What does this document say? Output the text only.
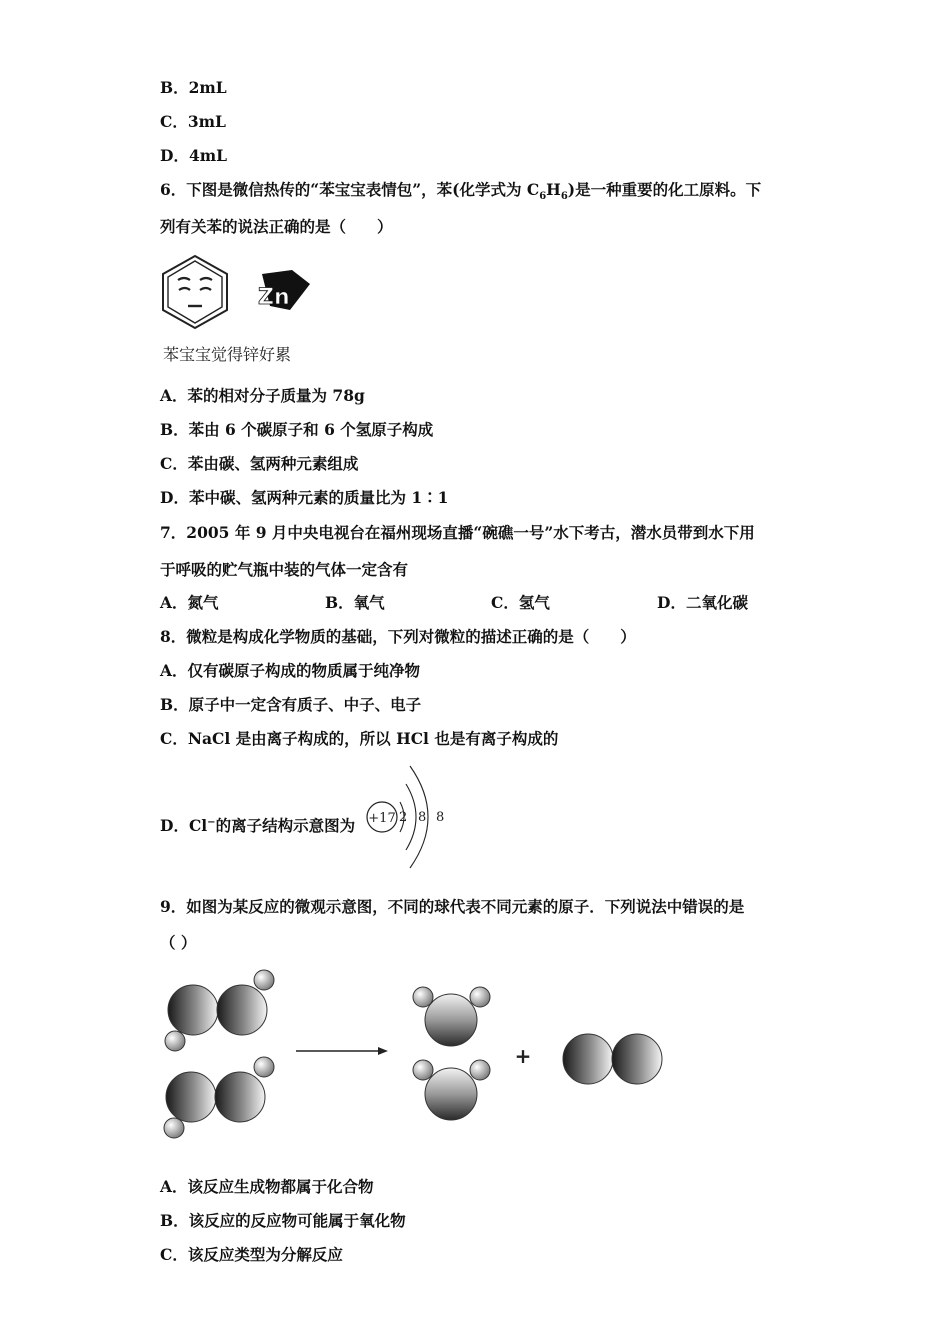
B．2mL
C．3mL
D．4mL
6．下图是微信热传的“苯宝宝表情包”，苯(化学式为 $C_6H_6$)是一种重要的化工原料。下
列有关苯的说法正确的是（　　）
Zn
苯宝宝觉得锌好累
A．苯的相对分子质量为 78g
B．苯由 6 个碳原子和 6 个氢原子构成
C．苯由碳、氢两种元素组成
D．苯中碳、氢两种元素的质量比为 1∶1
7．2005 年 9 月中央电视台在福州现场直播“碗礁一号”水下考古，潜水员带到水下用
于呼吸的贮气瓶中装的气体一定含有
A．氮气	B．氧气	C．氢气	D．二氧化碳
8．微粒是构成化学物质的基础，下列对微粒的描述正确的是（　　）
A．仅有碳原子构成的物质属于纯净物
B．原子中一定含有质子、中子、电子
C．NaCl 是由离子构成的，所以 HCl 也是有离子构成的
D．Cl−的离子结构示意图为 +17 2 8 8
9．如图为某反应的微观示意图，不同的球代表不同元素的原子．下列说法中错误的是
（ ）
+
A．该反应生成物都属于化合物
B．该反应的反应物可能属于氧化物
C．该反应类型为分解反应
